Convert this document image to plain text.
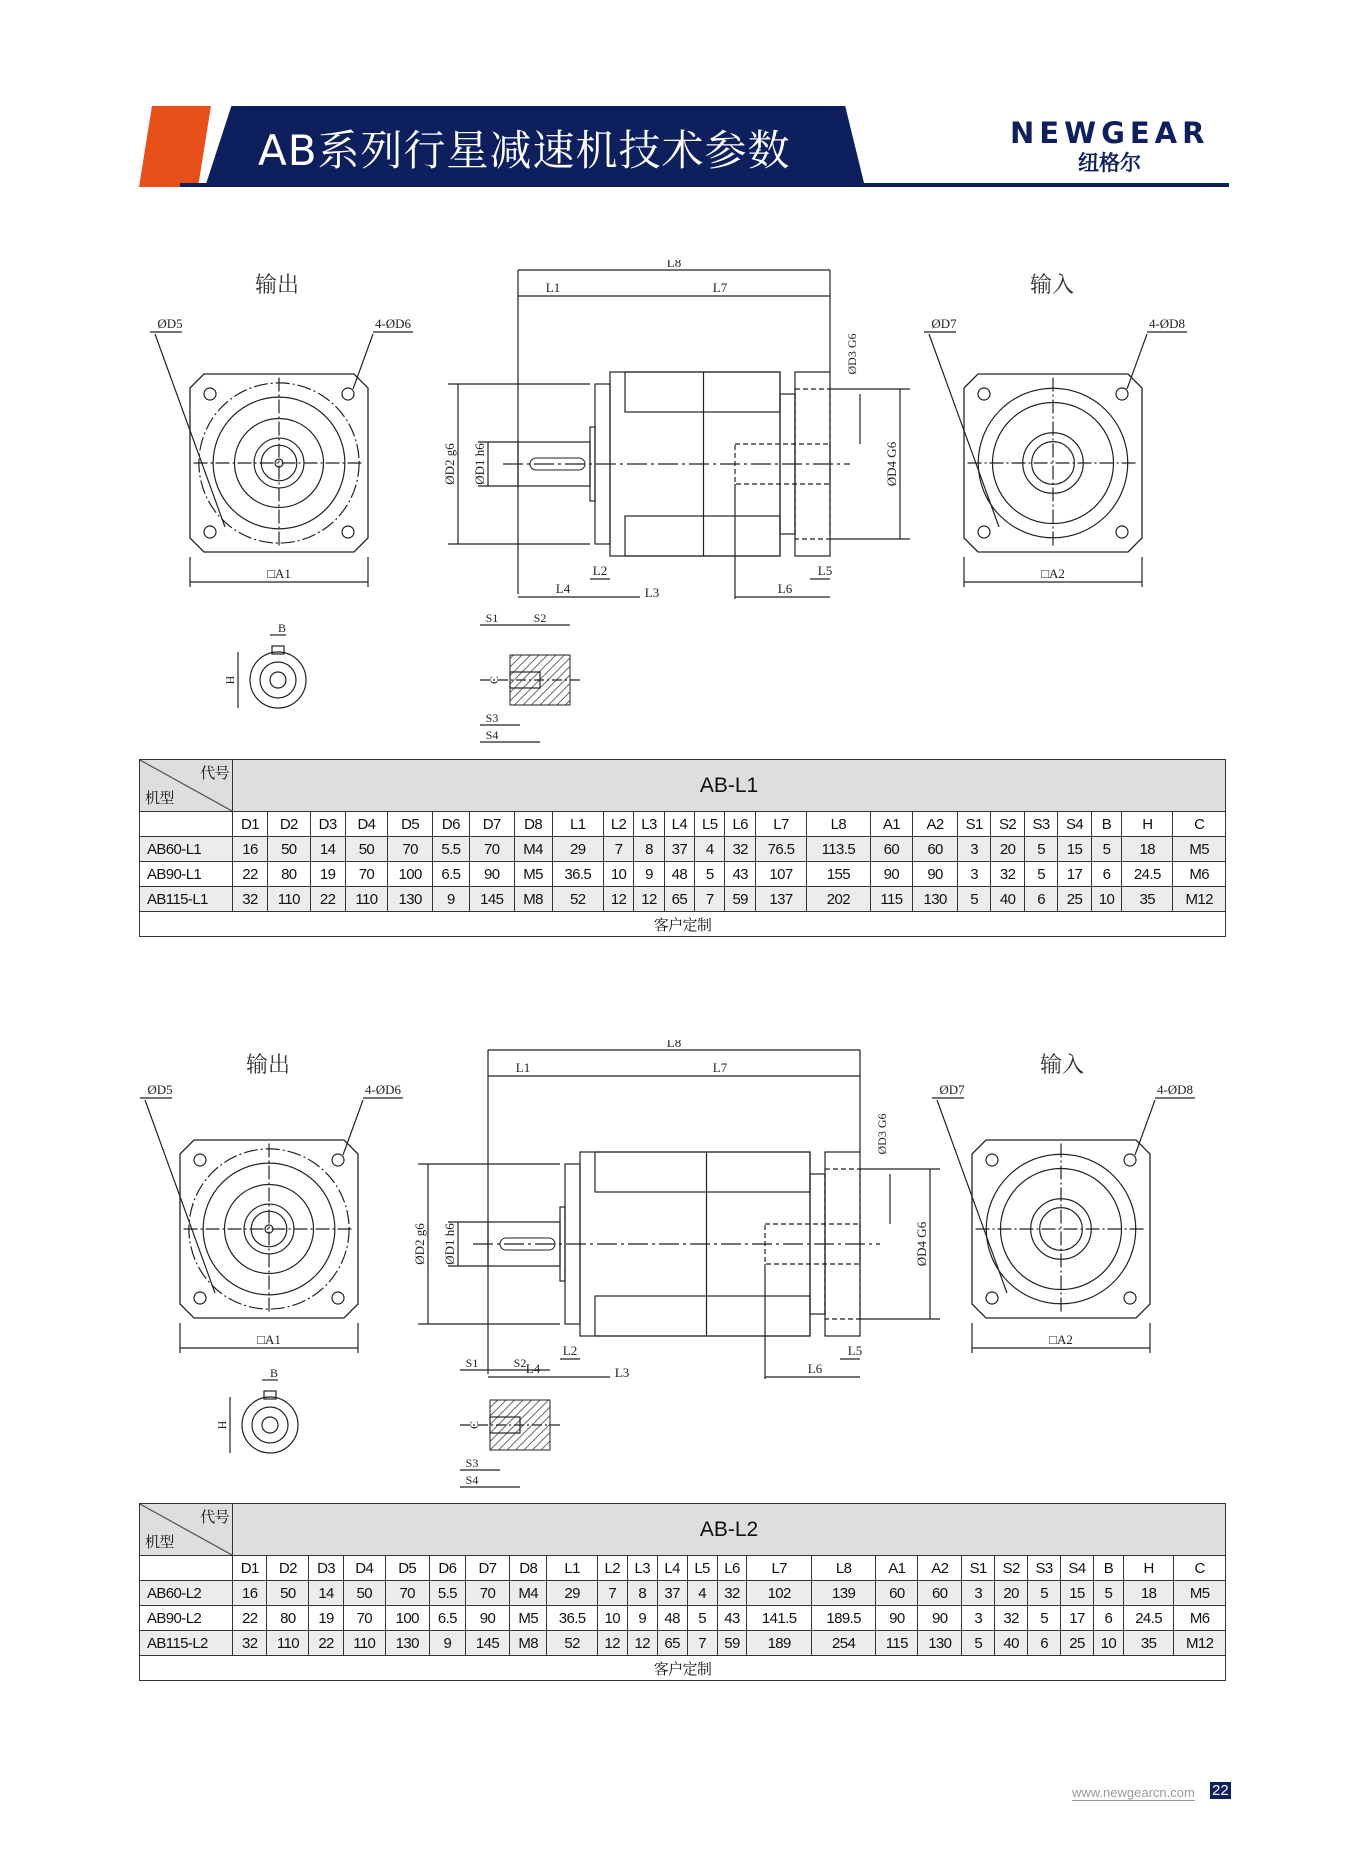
AB系列行星减速机技术参数	NEWGEAR
纽格尔
ØD5	4-ØD6
□A1
L8
L1	L7
ØD2 g6 ØD1 h6
ØD3 G6
ØD4 G6
L2
L4	L3
L5
L6
ØD7	4-ØD8
□A2
B
H
S1	S2
C
S3
S4
输出	输入
代号
机型	AB-L1																								
	D1	D2	D3	D4	D5	D6	D7	D8	L1	L2	L3	L4	L5	L6	L7	L8	A1	A2	S1	S2	S3	S4	B	H	C
AB60-L1	16	50	14	50	70	5.5	70	M4	29	7	8	37	4	32	76.5	113.5	60	60	3	20	5	15	5	18	M5
AB90-L1	22	80	19	70	100	6.5	90	M5	36.5	10	9	48	5	43	107	155	90	90	3	32	5	17	6	24.5	M6
AB115-L1	32	110	22	110	130	9	145	M8	52	12	12	65	7	59	137	202	115	130	5	40	6	25	10	35	M12
客户定制																									
ØD5	4-ØD6
□A1
L8
L1	L7
ØD2 g6 ØD1 h6
ØD3 G6
ØD4 G6
L2
L4	L3
L5
L6
ØD7	4-ØD8
□A2
B
H
S1	S2
C
S3
S4
输出	输入
代号
机型	AB-L2																								
	D1	D2	D3	D4	D5	D6	D7	D8	L1	L2	L3	L4	L5	L6	L7	L8	A1	A2	S1	S2	S3	S4	B	H	C
AB60-L2	16	50	14	50	70	5.5	70	M4	29	7	8	37	4	32	102	139	60	60	3	20	5	15	5	18	M5
AB90-L2	22	80	19	70	100	6.5	90	M5	36.5	10	9	48	5	43	141.5	189.5	90	90	3	32	5	17	6	24.5	M6
AB115-L2	32	110	22	110	130	9	145	M8	52	12	12	65	7	59	189	254	115	130	5	40	6	25	10	35	M12
客户定制																									
www.newgearcn.com 22
